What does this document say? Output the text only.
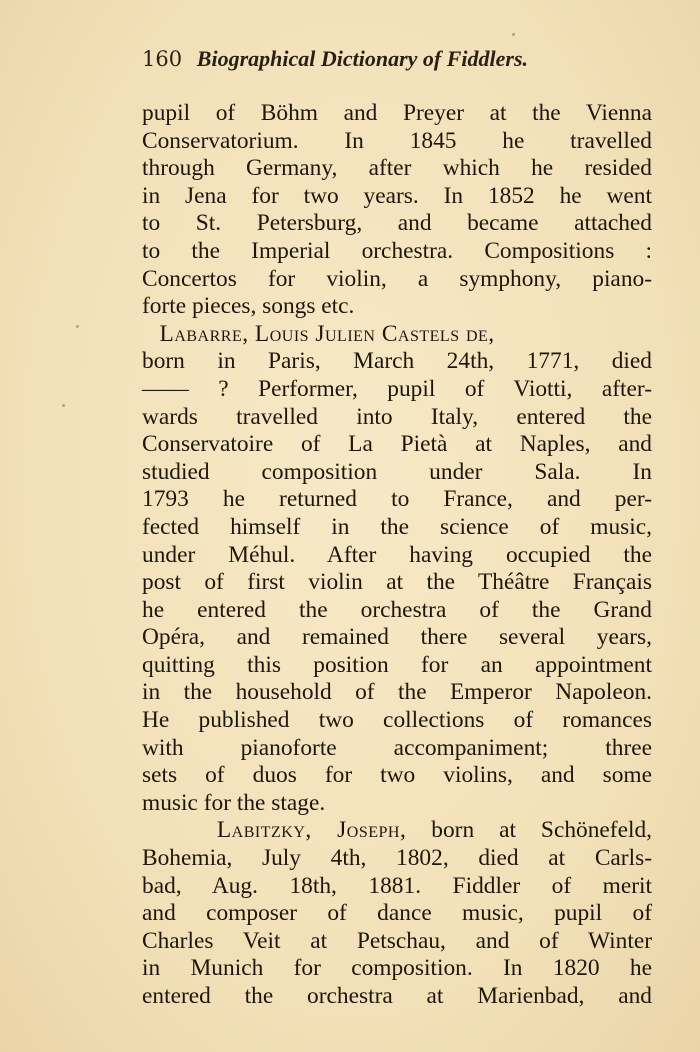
160 Biographical Dictionary of Fiddlers.
pupil of Böhm and Preyer at the Vienna
Conservatorium. In 1845 he travelled
through Germany, after which he resided
in Jena for two years. In 1852 he went
to St. Petersburg, and became attached
to the Imperial orchestra. Compositions :
Concertos for violin, a symphony, piano-
forte pieces, songs etc.
Labarre, Louis Julien Castels de,
born in Paris, March 24th, 1771, died
—— ? Performer, pupil of Viotti, after-
wards travelled into Italy, entered the
Conservatoire of La Pietà at Naples, and
studied composition under Sala. In
1793 he returned to France, and per-
fected himself in the science of music,
under Méhul. After having occupied the
post of first violin at the Théâtre Français
he entered the orchestra of the Grand
Opéra, and remained there several years,
quitting this position for an appointment
in the household of the Emperor Napoleon.
He published two collections of romances
with pianoforte accompaniment; three
sets of duos for two violins, and some
music for the stage.
Labitzky, Joseph, born at Schönefeld,
Bohemia, July 4th, 1802, died at Carls-
bad, Aug. 18th, 1881. Fiddler of merit
and composer of dance music, pupil of
Charles Veit at Petschau, and of Winter
in Munich for composition. In 1820 he
entered the orchestra at Marienbad, and
